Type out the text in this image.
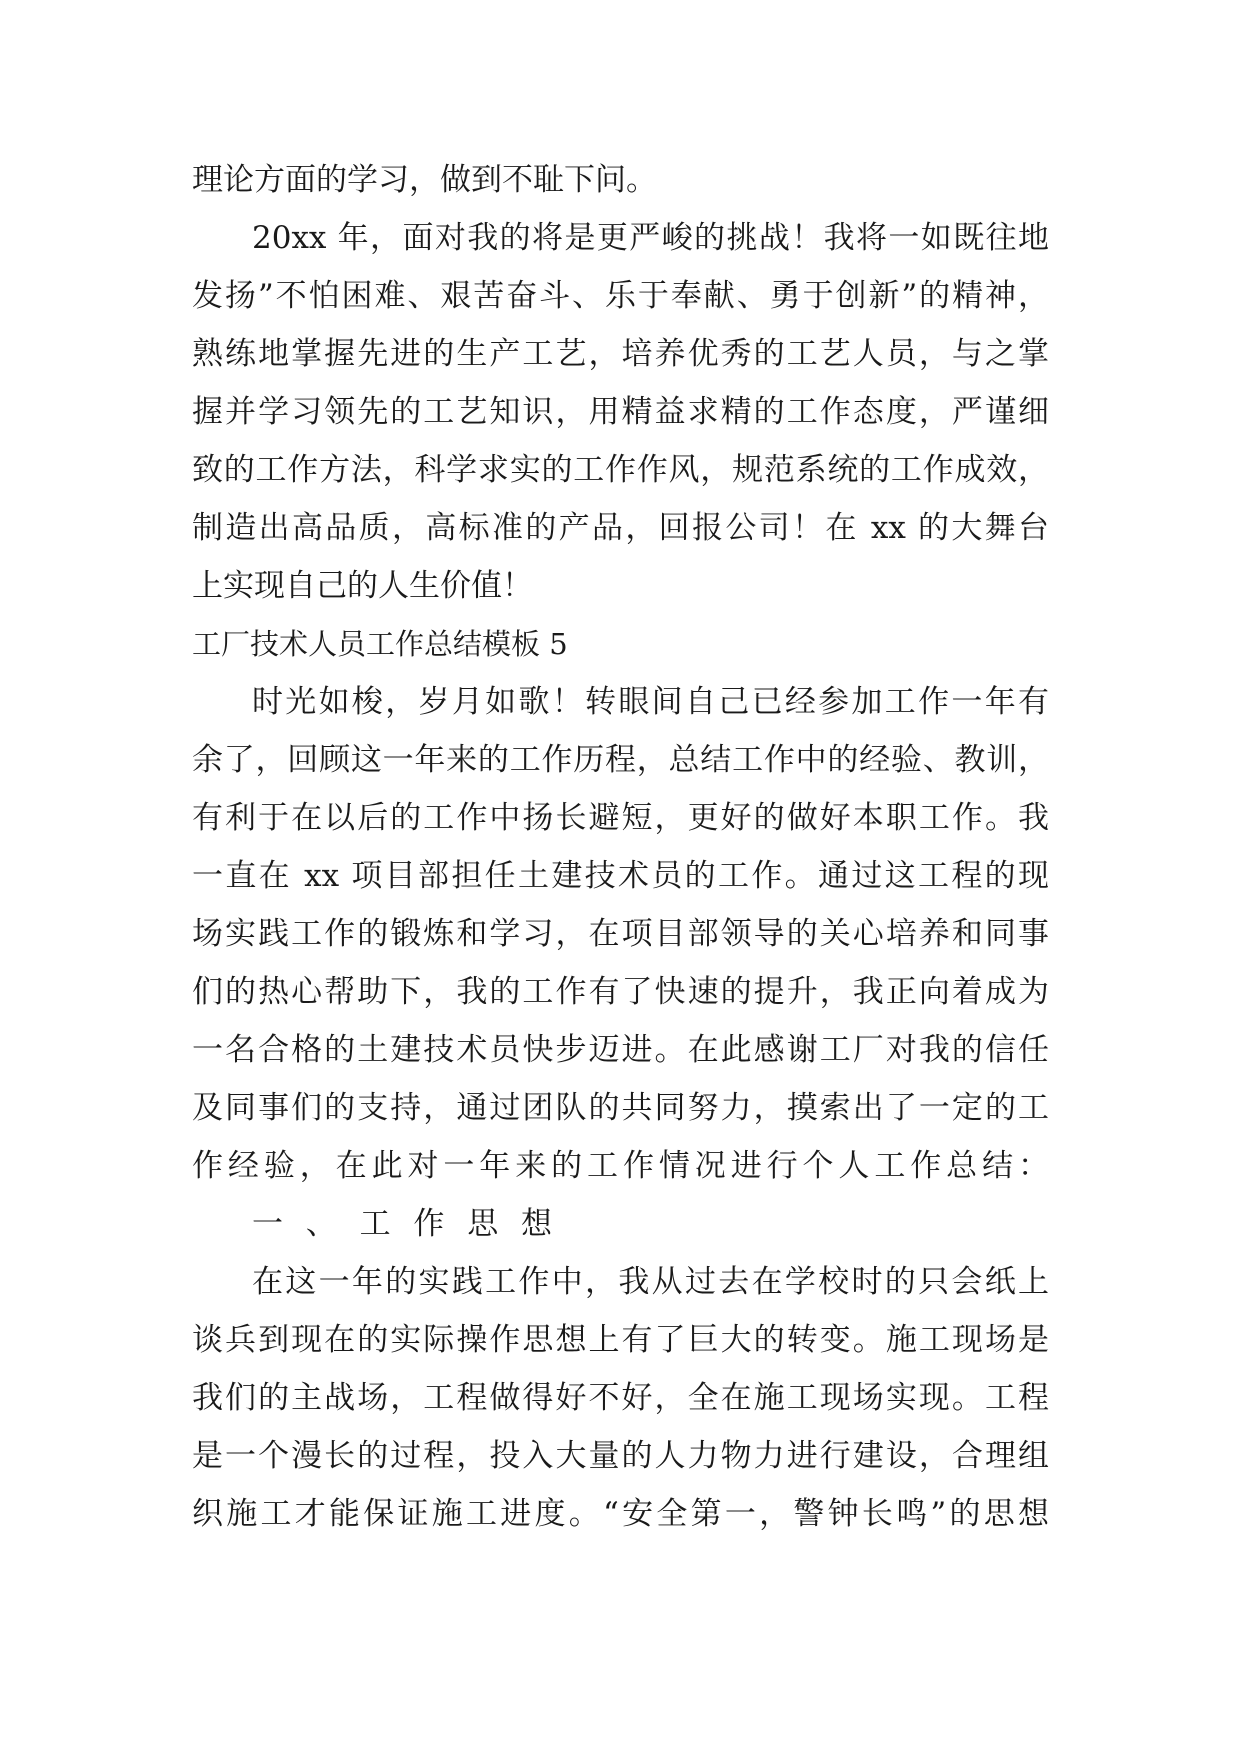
理论方面的学习，做到不耻下问。
20xx 年，面对我的将是更严峻的挑战！我将一如既往地
发扬”不怕困难、艰苦奋斗、乐于奉献、勇于创新”的精神，
熟练地掌握先进的生产工艺，培养优秀的工艺人员，与之掌
握并学习领先的工艺知识，用精益求精的工作态度，严谨细
致的工作方法，科学求实的工作作风，规范系统的工作成效，
制造出高品质，高标准的产品，回报公司！在 xx 的大舞台
上实现自己的人生价值！
工厂技术人员工作总结模板 5
时光如梭，岁月如歌！转眼间自己已经参加工作一年有
余了，回顾这一年来的工作历程，总结工作中的经验、教训，
有利于在以后的工作中扬长避短，更好的做好本职工作。我
一直在 xx 项目部担任土建技术员的工作。通过这工程的现
场实践工作的锻炼和学习，在项目部领导的关心培养和同事
们的热心帮助下，我的工作有了快速的提升，我正向着成为
一名合格的土建技术员快步迈进。在此感谢工厂对我的信任
及同事们的支持，通过团队的共同努力，摸索出了一定的工
作经验，在此对一年来的工作情况进行个人工作总结：
一、工作思想
在这一年的实践工作中，我从过去在学校时的只会纸上
谈兵到现在的实际操作思想上有了巨大的转变。施工现场是
我们的主战场，工程做得好不好，全在施工现场实现。工程
是一个漫长的过程，投入大量的人力物力进行建设，合理组
织施工才能保证施工进度。“安全第一，警钟长鸣”的思想
